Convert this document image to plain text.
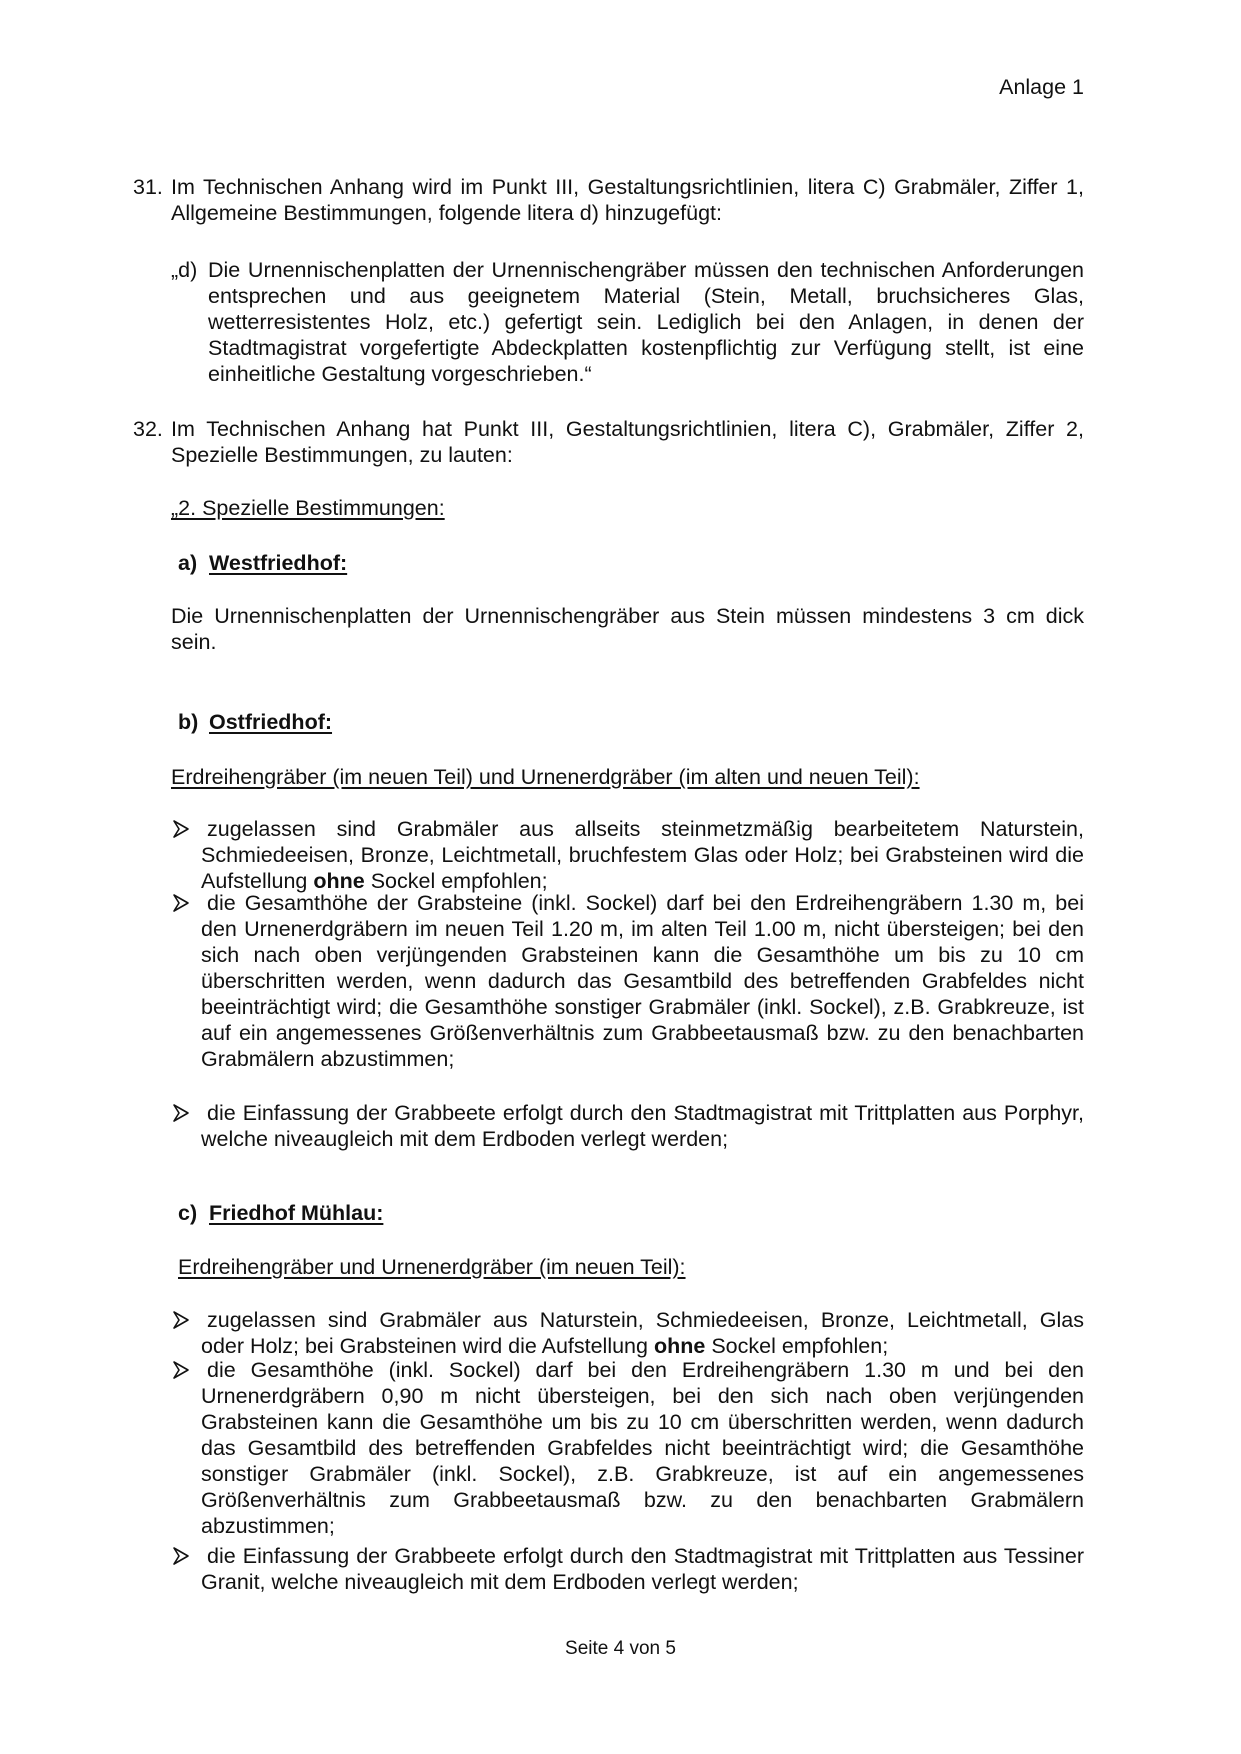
Anlage 1
31. Im Technischen Anhang wird im Punkt III, Gestaltungsrichtlinien, litera C) Grabmäler, Ziffer 1, Allgemeine Bestimmungen, folgende litera d) hinzugefügt:
„d) Die Urnennischenplatten der Urnennischengräber müssen den technischen Anforderungen entsprechen und aus geeignetem Material (Stein, Metall, bruchsicheres Glas, wetterresistentes Holz, etc.) gefertigt sein. Lediglich bei den Anlagen, in denen der Stadtmagistrat vorgefertigte Abdeckplatten kostenpflichtig zur Verfügung stellt, ist eine einheitliche Gestaltung vorgeschrieben.“
32. Im Technischen Anhang hat Punkt III, Gestaltungsrichtlinien, litera C), Grabmäler, Ziffer 2, Spezielle Bestimmungen, zu lauten:
„2. Spezielle Bestimmungen:
a) Westfriedhof:
Die Urnennischenplatten der Urnennischengräber aus Stein müssen mindestens 3 cm dick sein.
b) Ostfriedhof:
Erdreihengräber (im neuen Teil) und Urnenerdgräber (im alten und neuen Teil):
zugelassen sind Grabmäler aus allseits steinmetzmäßig bearbeitetem Naturstein, Schmiedeeisen, Bronze, Leichtmetall, bruchfestem Glas oder Holz; bei Grabsteinen wird die Aufstellung ohne Sockel empfohlen;
die Gesamthöhe der Grabsteine (inkl. Sockel) darf bei den Erdreihengräbern 1.30 m, bei den Urnenerdgräbern im neuen Teil 1.20 m, im alten Teil 1.00 m, nicht übersteigen; bei den sich nach oben verjüngenden Grabsteinen kann die Gesamthöhe um bis zu 10 cm überschritten werden, wenn dadurch das Gesamtbild des betreffenden Grabfeldes nicht beeinträchtigt wird; die Gesamthöhe sonstiger Grabmäler (inkl. Sockel), z.B. Grabkreuze, ist auf ein angemessenes Größenverhältnis zum Grabbeetausmaß bzw. zu den benachbarten Grabmälern abzustimmen;
die Einfassung der Grabbeete erfolgt durch den Stadtmagistrat mit Trittplatten aus Porphyr, welche niveaugleich mit dem Erdboden verlegt werden;
c) Friedhof Mühlau:
Erdreihengräber und Urnenerdgräber (im neuen Teil):
zugelassen sind Grabmäler aus Naturstein, Schmiedeeisen, Bronze, Leichtmetall, Glas oder Holz; bei Grabsteinen wird die Aufstellung ohne Sockel empfohlen;
die Gesamthöhe (inkl. Sockel) darf bei den Erdreihengräbern 1.30 m und bei den Urnenerdgräbern 0,90 m nicht übersteigen, bei den sich nach oben verjüngenden Grabsteinen kann die Gesamthöhe um bis zu 10 cm überschritten werden, wenn dadurch das Gesamtbild des betreffenden Grabfeldes nicht beeinträchtigt wird; die Gesamthöhe sonstiger Grabmäler (inkl. Sockel), z.B. Grabkreuze, ist auf ein angemessenes Größenverhältnis zum Grabbeetausmaß bzw. zu den benachbarten Grabmälern abzustimmen;
die Einfassung der Grabbeete erfolgt durch den Stadtmagistrat mit Trittplatten aus Tessiner Granit, welche niveaugleich mit dem Erdboden verlegt werden;
Seite 4 von 5
